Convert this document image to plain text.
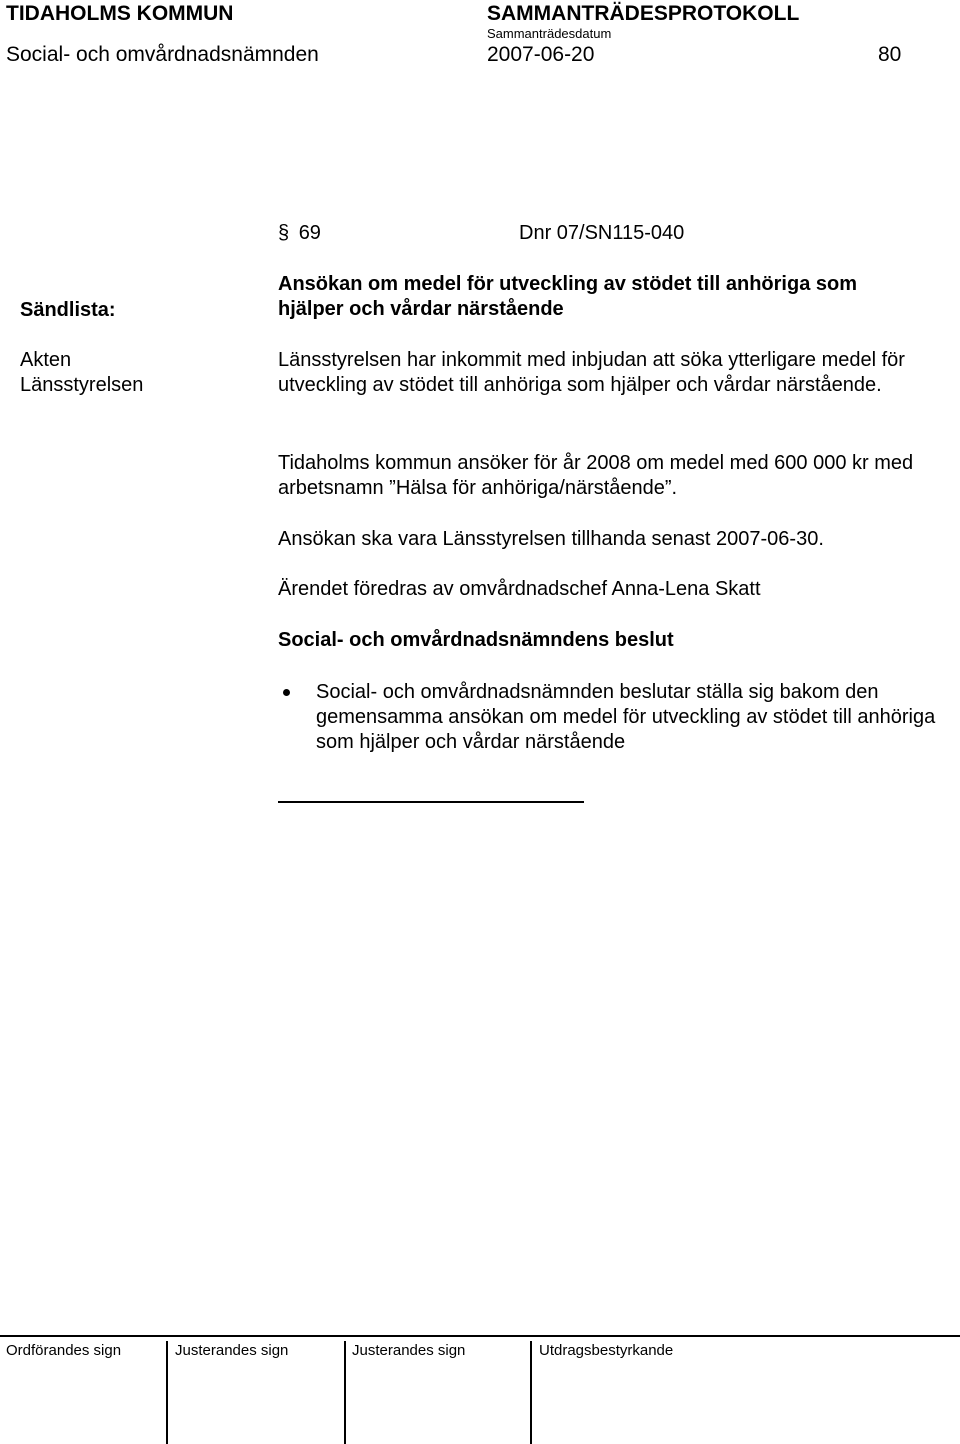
TIDAHOLMS KOMMUN	SAMMANTRÄDESPROTOKOLL
Sammanträdesdatum
Social- och omvårdnadsnämnden	2007-06-20	80
§ 69	Dnr 07/SN115-040
Ansökan om medel för utveckling av stödet till anhöriga som
hjälper och vårdar närstående
Sändlista:
Akten
Länsstyrelsen
Länsstyrelsen har inkommit med inbjudan att söka ytterligare medel för utveckling av stödet till anhöriga som hjälper och vårdar närstående.
Tidaholms kommun ansöker för år 2008 om medel med 600 000 kr med arbetsnamn ”Hälsa för anhöriga/närstående”.
Ansökan ska vara Länsstyrelsen tillhanda senast 2007-06-30.
Ärendet föredras av omvårdnadschef Anna-Lena Skatt
Social- och omvårdnadsnämndens beslut
Social- och omvårdnadsnämnden beslutar ställa sig bakom den gemensamma ansökan om medel för utveckling av stödet till anhöriga som hjälper och vårdar närstående
Ordförandes sign	Justerandes sign	Justerandes sign	Utdragsbestyrkande
